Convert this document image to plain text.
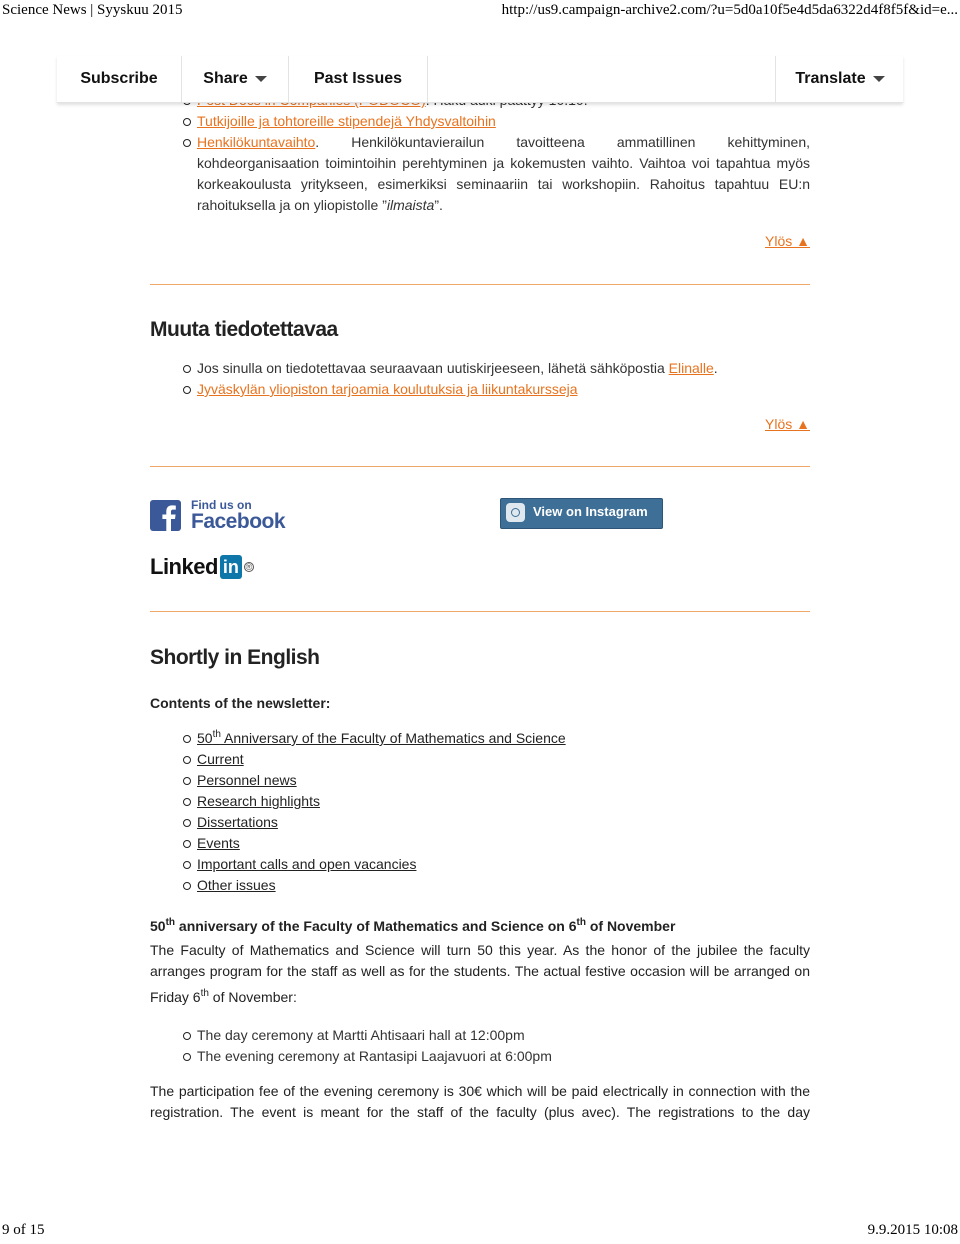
Science News | Syyskuu 2015	http://us9.campaign-archive2.com/?u=5d0a10f5e4d5da6322d4f8f5f&id=e...
Subscribe	Share	Past Issues	Translate
Tutkijoille ja tohtoreille stipendejä Yhdysvaltoihin
Henkilökuntavaihto. Henkilökuntavierailun tavoitteena ammatillinen kehittyminen, kohdeorganisaation toimintoihin perehtyminen ja kokemusten vaihto. Vaihtoa voi tapahtua myös korkeakoulusta yritykseen, esimerkiksi seminaariin tai workshopiin. Rahoitus tapahtuu EU:n rahoituksella ja on yliopistolle ”ilmaista”.
Ylös ▲
Muuta tiedotettavaa
Jos sinulla on tiedotettavaa seuraavaan uutiskirjeeseen, lähetä sähköpostia Elinalle.
Jyväskylän yliopiston tarjoamia koulutuksia ja liikuntakursseja
Ylös ▲
Find us on
Facebook	View on Instagram
Linked in ®
Shortly in English
Contents of the newsletter:
50th Anniversary of the Faculty of Mathematics and Science
Current
Personnel news
Research highlights
Dissertations
Events
Important calls and open vacancies
Other issues
50th anniversary of the Faculty of Mathematics and Science on 6th of November
The Faculty of Mathematics and Science will turn 50 this year. As the honor of the jubilee the faculty arranges program for the staff as well as for the students. The actual festive occasion will be arranged on
Friday 6th of November:
The day ceremony at Martti Ahtisaari hall at 12:00pm
The evening ceremony at Rantasipi Laajavuori at 6:00pm
The participation fee of the evening ceremony is 30€ which will be paid electrically in connection with the registration. The event is meant for the staff of the faculty (plus avec). The registrations to the day
9 of 15	9.9.2015 10:08
